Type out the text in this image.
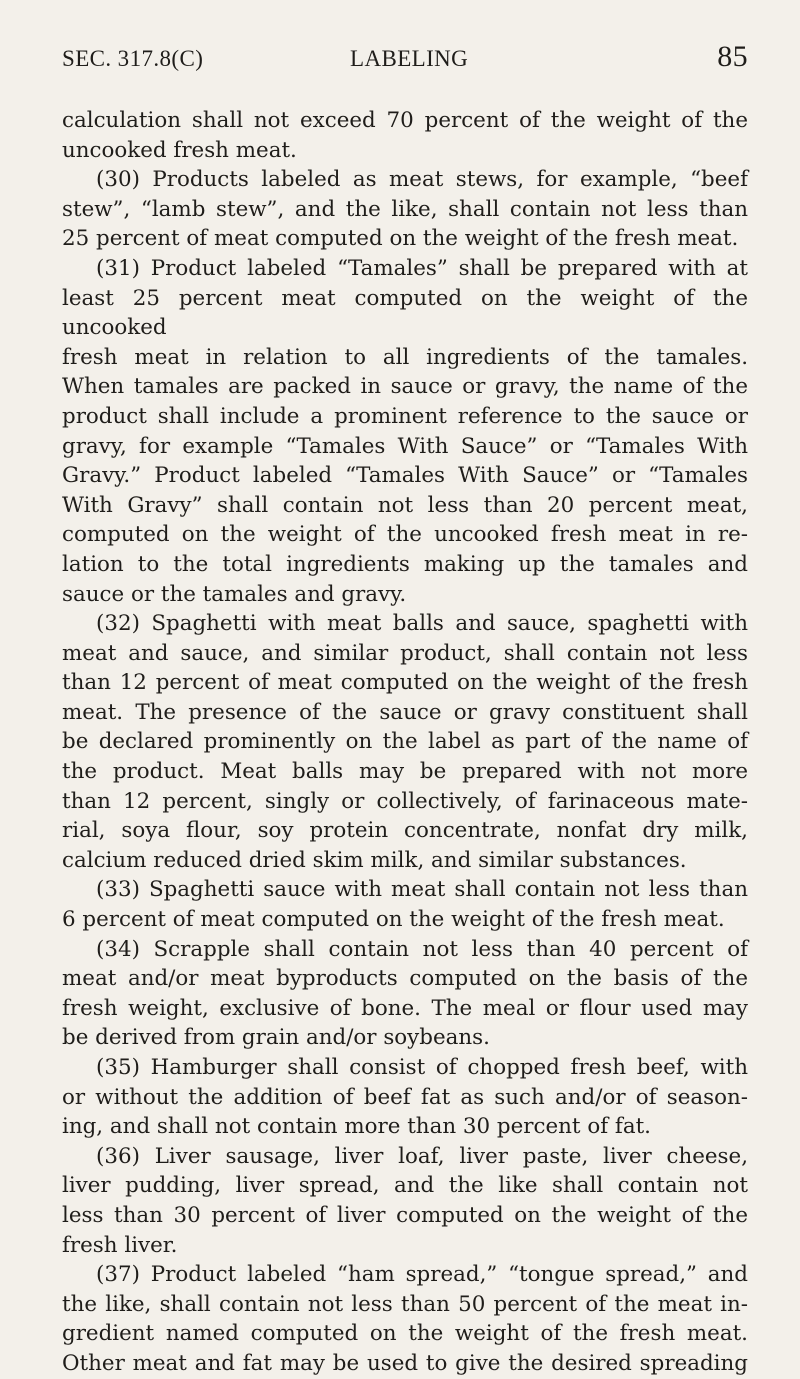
SEC. 317.8(C)	LABELING	85

calculation shall not exceed 70 percent of the weight of the

uncooked fresh meat.

(30) Products labeled as meat stews, for example, “beef

stew”, “lamb stew”, and the like, shall contain not less than

25 percent of meat computed on the weight of the fresh meat.

(31) Product labeled “Tamales” shall be prepared with at

least 25 percent meat computed on the weight of the uncooked

fresh meat in relation to all ingredients of the tamales.

When tamales are packed in sauce or gravy, the name of the

product shall include a prominent reference to the sauce or

gravy, for example “Tamales With Sauce” or “Tamales With

Gravy.” Product labeled “Tamales With Sauce” or “Tamales

With Gravy” shall contain not less than 20 percent meat,

computed on the weight of the uncooked fresh meat in re-

lation to the total ingredients making up the tamales and

sauce or the tamales and gravy.

(32) Spaghetti with meat balls and sauce, spaghetti with

meat and sauce, and similar product, shall contain not less

than 12 percent of meat computed on the weight of the fresh

meat. The presence of the sauce or gravy constituent shall

be declared prominently on the label as part of the name of

the product. Meat balls may be prepared with not more

than 12 percent, singly or collectively, of farinaceous mate-

rial, soya flour, soy protein concentrate, nonfat dry milk,

calcium reduced dried skim milk, and similar substances.

(33) Spaghetti sauce with meat shall contain not less than

6 percent of meat computed on the weight of the fresh meat.

(34) Scrapple shall contain not less than 40 percent of

meat and/or meat byproducts computed on the basis of the

fresh weight, exclusive of bone. The meal or flour used may

be derived from grain and/or soybeans.

(35) Hamburger shall consist of chopped fresh beef, with

or without the addition of beef fat as such and/or of season-

ing, and shall not contain more than 30 percent of fat.

(36) Liver sausage, liver loaf, liver paste, liver cheese,

liver pudding, liver spread, and the like shall contain not

less than 30 percent of liver computed on the weight of the

fresh liver.

(37) Product labeled “ham spread,” “tongue spread,” and

the like, shall contain not less than 50 percent of the meat in-

gredient named computed on the weight of the fresh meat.

Other meat and fat may be used to give the desired spreading
